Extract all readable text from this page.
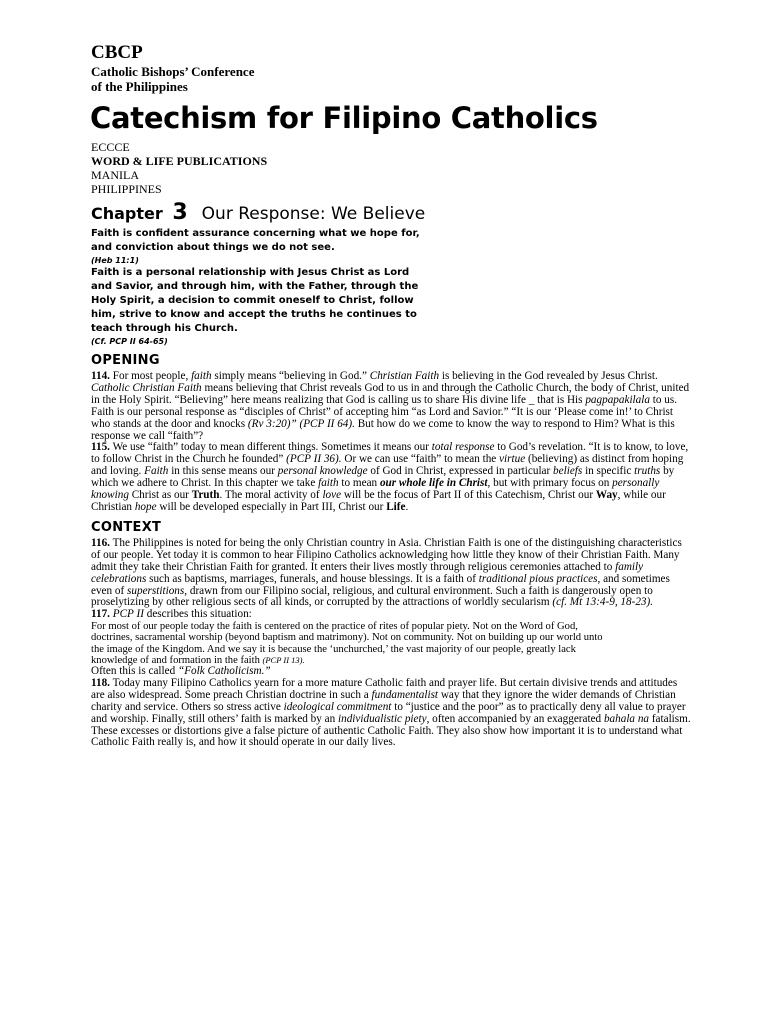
CBCP

Catholic Bishops’ Conference

of the Philippines

Catechism for Filipino Catholics

ECCCE

WORD & LIFE PUBLICATIONS

MANILA

PHILIPPINES

Chapter 3 Our Response: We Believe

Faith is confident assurance concerning what we hope for, and conviction about things we do not see.

(Heb 11:1)

Faith is a personal relationship with Jesus Christ as Lord and Savior, and through him, with the Father, through the Holy Spirit, a decision to commit oneself to Christ, follow him, strive to know and accept the truths he continues to teach through his Church.

(Cf. PCP II 64-65)

OPENING

114. For most people, faith simply means “believing in God.” Christian Faith is believing in the God revealed by Jesus Christ. Catholic Christian Faith means believing that Christ reveals God to us in and through the Catholic Church, the body of Christ, united in the Holy Spirit. “Believing” here means realizing that God is calling us to share His divine life _ that is His pagpapakilala to us. Faith is our personal response as “disciples of Christ” of accepting him “as Lord and Savior.” “It is our ‘Please come in!’ to Christ who stands at the door and knocks (Rv 3:20)” (PCP II 64). But how do we come to know the way to respond to Him? What is this response we call “faith”?

115. We use “faith” today to mean different things. Sometimes it means our total response to God’s revelation. “It is to know, to love, to follow Christ in the Church he founded” (PCP II 36). Or we can use “faith” to mean the virtue (believing) as distinct from hoping and loving. Faith in this sense means our personal knowledge of God in Christ, expressed in particular beliefs in specific truths by which we adhere to Christ. In this chapter we take faith to mean our whole life in Christ, but with primary focus on personally knowing Christ as our Truth. The moral activity of love will be the focus of Part II of this Catechism, Christ our Way, while our Christian hope will be developed especially in Part III, Christ our Life.

CONTEXT

116. The Philippines is noted for being the only Christian country in Asia. Christian Faith is one of the distinguishing characteristics of our people. Yet today it is common to hear Filipino Catholics acknowledging how little they know of their Christian Faith. Many admit they take their Christian Faith for granted. It enters their lives mostly through religious ceremonies attached to family celebrations such as baptisms, marriages, funerals, and house blessings. It is a faith of traditional pious practices, and sometimes even of superstitions, drawn from our Filipino social, religious, and cultural environment. Such a faith is dangerously open to proselytizing by other religious sects of all kinds, or corrupted by the attractions of worldly secularism (cf. Mt 13:4-9, 18-23).

117. PCP II describes this situation:

For most of our people today the faith is centered on the practice of rites of popular piety. Not on the Word of God, doctrines, sacramental worship (beyond baptism and matrimony). Not on community. Not on building up our world unto the image of the Kingdom. And we say it is because the ‘unchurched,’ the vast majority of our people, greatly lack knowledge of and formation in the faith (PCP II 13).

Often this is called “Folk Catholicism.”

118. Today many Filipino Catholics yearn for a more mature Catholic faith and prayer life. But certain divisive trends and attitudes are also widespread. Some preach Christian doctrine in such a fundamentalist way that they ignore the wider demands of Christian charity and service. Others so stress active ideological commitment to “justice and the poor” as to practically deny all value to prayer and worship. Finally, still others’ faith is marked by an individualistic piety, often accompanied by an exaggerated bahala na fatalism. These excesses or distortions give a false picture of authentic Catholic Faith. They also show how important it is to understand what Catholic Faith really is, and how it should operate in our daily lives.
